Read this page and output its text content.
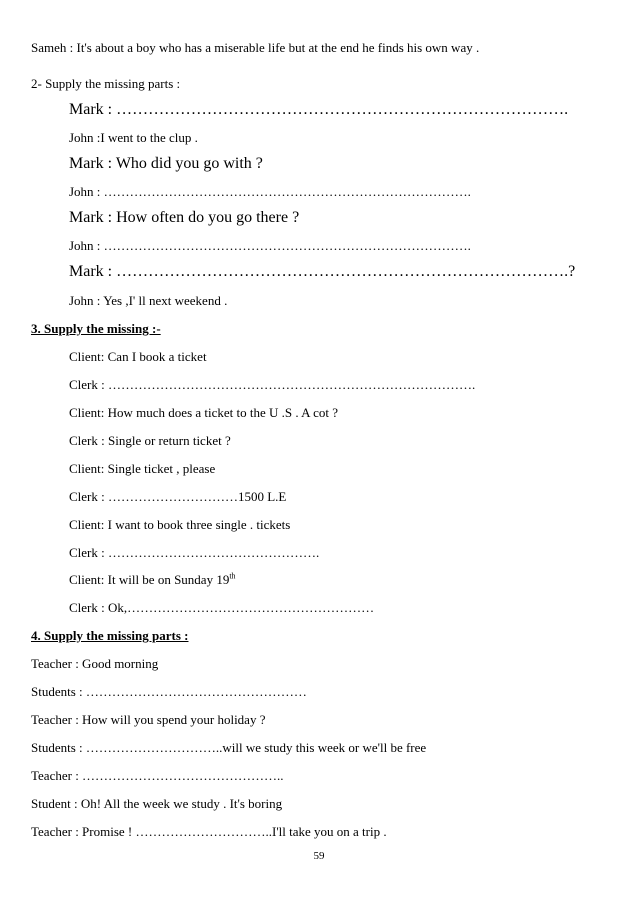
Sameh : It's about a boy who has a miserable life but at the end he finds his own way .
2- Supply the missing parts :
Mark : ………………………………………………………………………….
John :I went to the clup .
Mark : Who did you go with ?
John : ………………………………………………………………………….
Mark : How often do you go there ?
John : ………………………………………………………………………….
Mark : ………………………………………………………………………….?
John : Yes ,I' ll next weekend .
3. Supply the missing :-
Client: Can I book a ticket
Clerk : ………………………………………………………………………….
Client: How much does a ticket to the U .S . A cot ?
Clerk : Single or return ticket ?
Client: Single ticket , please
Clerk : …………………………1500 L.E
Client: I want to book three single . tickets
Clerk : ………………………………………….
Client: It will be on Sunday 19th
Clerk : Ok,…………………………………………………
4. Supply the missing parts :
Teacher : Good morning
Students : ……………………………………………
Teacher : How will you spend your holiday ?
Students : …………………………..will we study this week or we'll be free
Teacher : ………………………………………..
Student : Oh! All the week we study . It's boring
Teacher : Promise ! …………………………..I'll take you on a trip .
59
